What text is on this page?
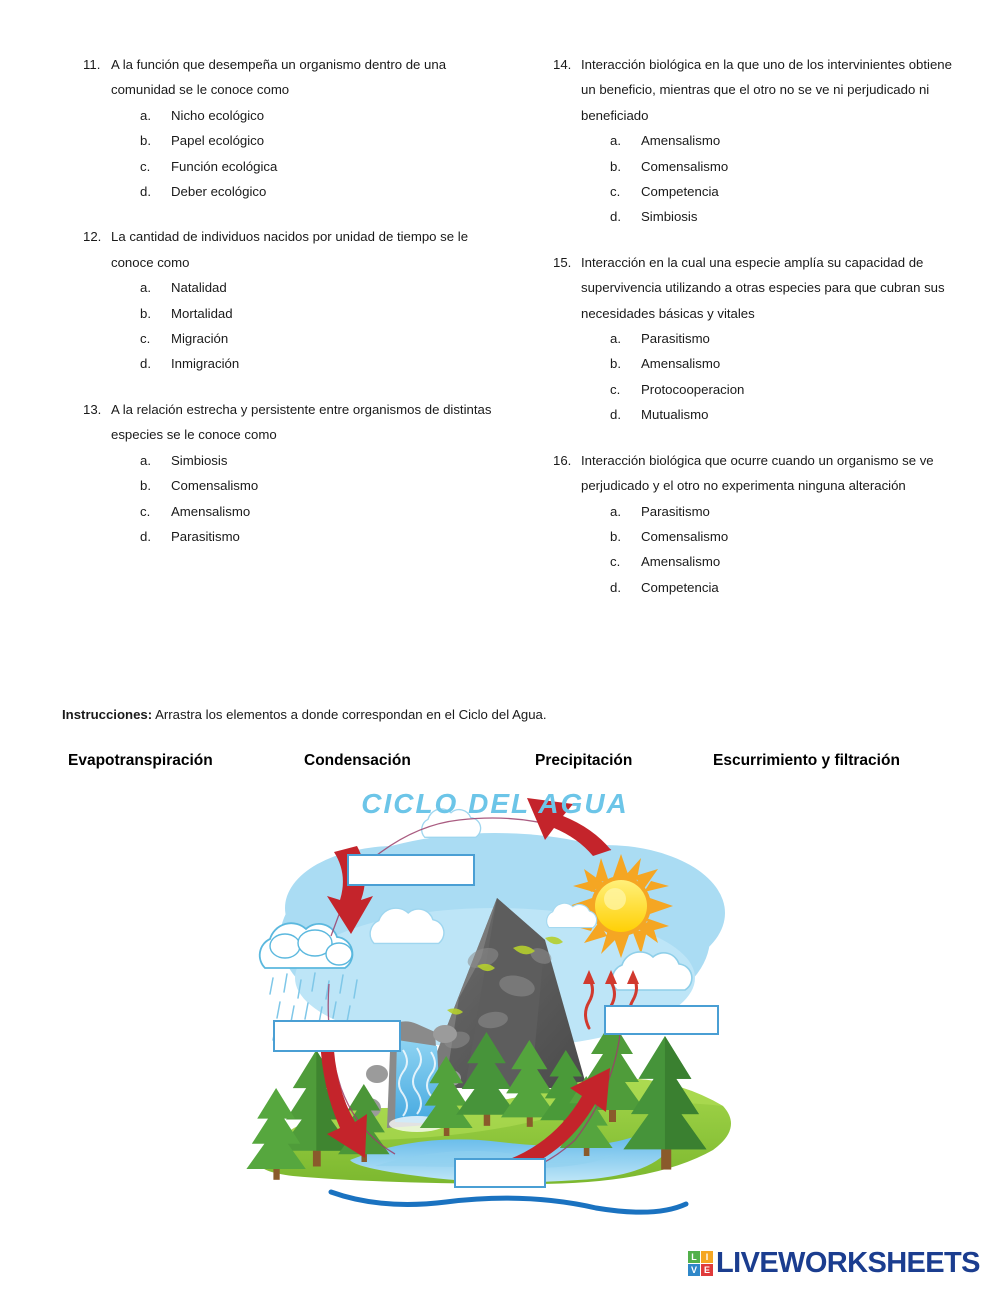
11. A la función que desempeña un organismo dentro de una comunidad se le conoce como
a.	Nicho ecológico
b.	Papel ecológico
c.	Función ecológica
d.	Deber ecológico
12. La cantidad de individuos nacidos por unidad de tiempo se le conoce como
a.	Natalidad
b.	Mortalidad
c.	Migración
d.	Inmigración
13. A la relación estrecha y persistente entre organismos de distintas especies se le conoce como
a.	Simbiosis
b.	Comensalismo
c.	Amensalismo
d.	Parasitismo
14. Interacción biológica en la que uno de los intervinientes obtiene un beneficio, mientras que el otro no se ve ni perjudicado ni beneficiado
a.	Amensalismo
b.	Comensalismo
c.	Competencia
d.	Simbiosis
15. Interacción en la cual una especie amplía su capacidad de supervivencia utilizando a otras especies para que cubran sus necesidades básicas y vitales
a.	Parasitismo
b.	Amensalismo
c.	Protocooperacion
d.	Mutualismo
16. Interacción biológica que ocurre cuando un organismo se ve perjudicado y el otro no experimenta ninguna alteración
a.	Parasitismo
b.	Comensalismo
c.	Amensalismo
d.	Competencia
Instrucciones: Arrastra los elementos a donde correspondan en el Ciclo del Agua.
Evapotranspiración	Condensación	Precipitación	Escurrimiento y filtración
CICLO DEL AGUA
L I
V E LIVEWORKSHEETS
